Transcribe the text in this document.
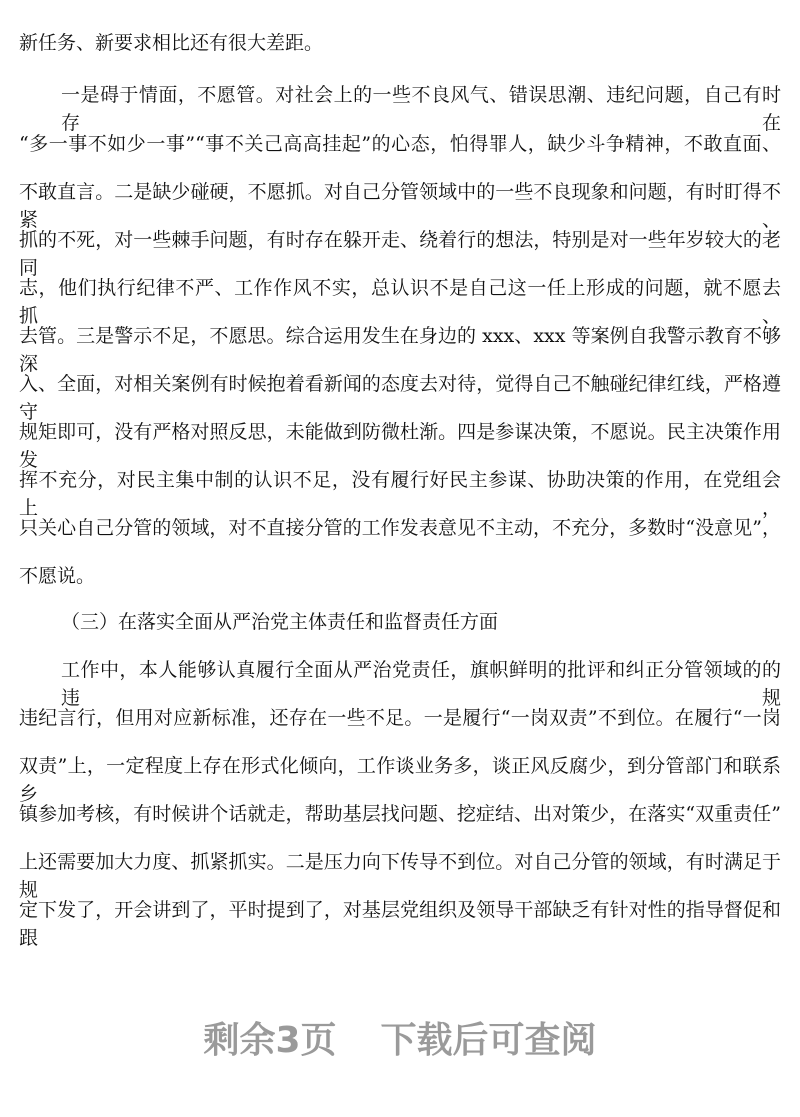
新任务、新要求相比还有很大差距。
一是碍于情面，不愿管。对社会上的一些不良风气、错误思潮、违纪问题，自己有时存在
“多一事不如少一事”“事不关己高高挂起”的心态，怕得罪人，缺少斗争精神，不敢直面、
不敢直言。二是缺少碰硬，不愿抓。对自己分管领域中的一些不良现象和问题，有时盯得不紧、
抓的不死，对一些棘手问题，有时存在躲开走、绕着行的想法，特别是对一些年岁较大的老同
志，他们执行纪律不严、工作作风不实，总认识不是自己这一任上形成的问题，就不愿去抓、
去管。三是警示不足，不愿思。综合运用发生在身边的 xxx、xxx 等案例自我警示教育不够深
入、全面，对相关案例有时候抱着看新闻的态度去对待，觉得自己不触碰纪律红线，严格遵守
规矩即可，没有严格对照反思，未能做到防微杜渐。四是参谋决策，不愿说。民主决策作用发
挥不充分，对民主集中制的认识不足，没有履行好民主参谋、协助决策的作用，在党组会上，
只关心自己分管的领域，对不直接分管的工作发表意见不主动，不充分，多数时“没意见”，
不愿说。
（三）在落实全面从严治党主体责任和监督责任方面
工作中，本人能够认真履行全面从严治党责任，旗帜鲜明的批评和纠正分管领域的的违规
违纪言行，但用对应新标准，还存在一些不足。一是履行“一岗双责”不到位。在履行“一岗
双责”上，一定程度上存在形式化倾向，工作谈业务多，谈正风反腐少，到分管部门和联系乡
镇参加考核，有时候讲个话就走，帮助基层找问题、挖症结、出对策少，在落实“双重责任”
上还需要加大力度、抓紧抓实。二是压力向下传导不到位。对自己分管的领域，有时满足于规
定下发了，开会讲到了，平时提到了，对基层党组织及领导干部缺乏有针对性的指导督促和跟
剩余3页 下载后可查阅
